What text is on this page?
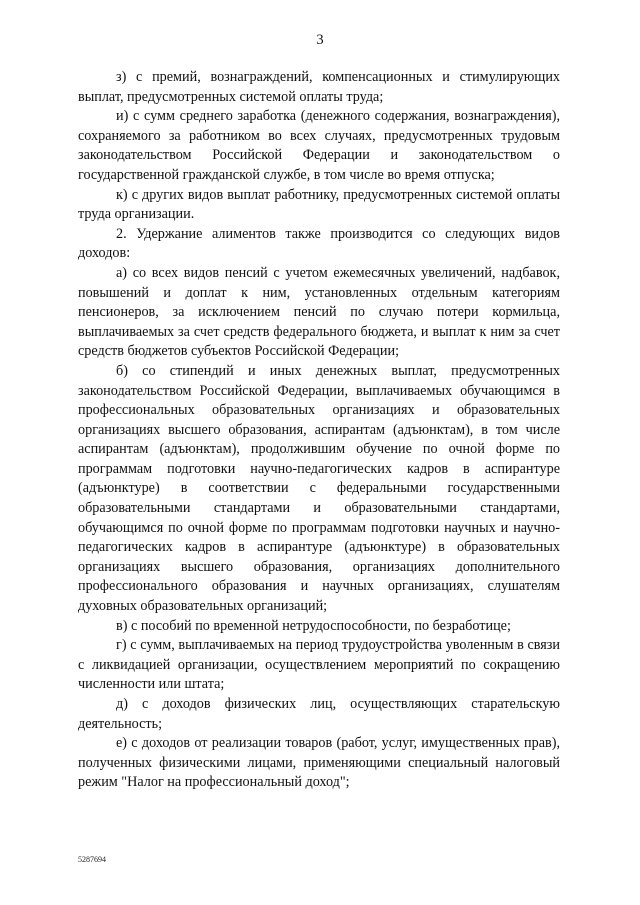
3

з) с премий, вознаграждений, компенсационных и стимулирующих выплат, предусмотренных системой оплаты труда;

и) с сумм среднего заработка (денежного содержания, вознаграждения), сохраняемого за работником во всех случаях, предусмотренных трудовым законодательством Российской Федерации и законодательством о государственной гражданской службе, в том числе во время отпуска;

к) с других видов выплат работнику, предусмотренных системой оплаты труда организации.

2. Удержание алиментов также производится со следующих видов доходов:

а) со всех видов пенсий с учетом ежемесячных увеличений, надбавок, повышений и доплат к ним, установленных отдельным категориям пенсионеров, за исключением пенсий по случаю потери кормильца, выплачиваемых за счет средств федерального бюджета, и выплат к ним за счет средств бюджетов субъектов Российской Федерации;

б) со стипендий и иных денежных выплат, предусмотренных законодательством Российской Федерации, выплачиваемых обучающимся в профессиональных образовательных организациях и образовательных организациях высшего образования, аспирантам (адъюнктам), в том числе аспирантам (адъюнктам), продолжившим обучение по очной форме по программам подготовки научно-педагогических кадров в аспирантуре (адъюнктуре) в соответствии с федеральными государственными образовательными стандартами и образовательными стандартами, обучающимся по очной форме по программам подготовки научных и научно-педагогических кадров в аспирантуре (адъюнктуре) в образовательных организациях высшего образования, организациях дополнительного профессионального образования и научных организациях, слушателям духовных образовательных организаций;

в) с пособий по временной нетрудоспособности, по безработице;

г) с сумм, выплачиваемых на период трудоустройства уволенным в связи с ликвидацией организации, осуществлением мероприятий по сокращению численности или штата;

д) с доходов физических лиц, осуществляющих старательскую деятельность;

е) с доходов от реализации товаров (работ, услуг, имущественных прав), полученных физическими лицами, применяющими специальный налоговый режим "Налог на профессиональный доход";

5287694
